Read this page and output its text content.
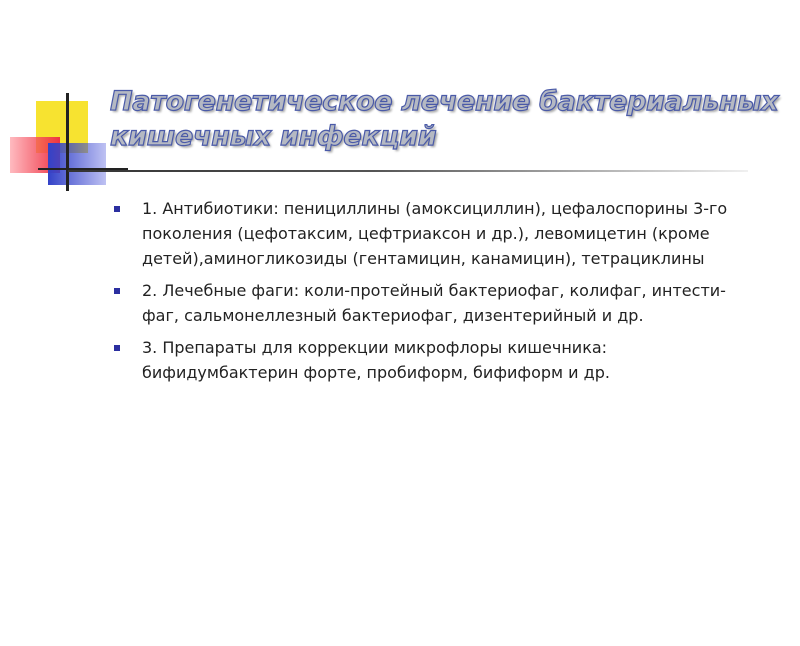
Патогенетическое лечение бактериальных
кишечных инфекций
1. Антибиотики: пенициллины (амоксициллин), цефалоспорины 3-го поколения (цефотаксим, цефтриаксон и др.), левомицетин (кроме детей),аминогликозиды (гентамицин, канамицин), тетрациклины
2. Лечебные фаги: коли-протейный бактериофаг, колифаг, интести-фаг, сальмонеллезный бактериофаг, дизентерийный и др.
3. Препараты для коррекции микрофлоры кишечника: бифидумбактерин форте, пробиформ, бифиформ и др.
